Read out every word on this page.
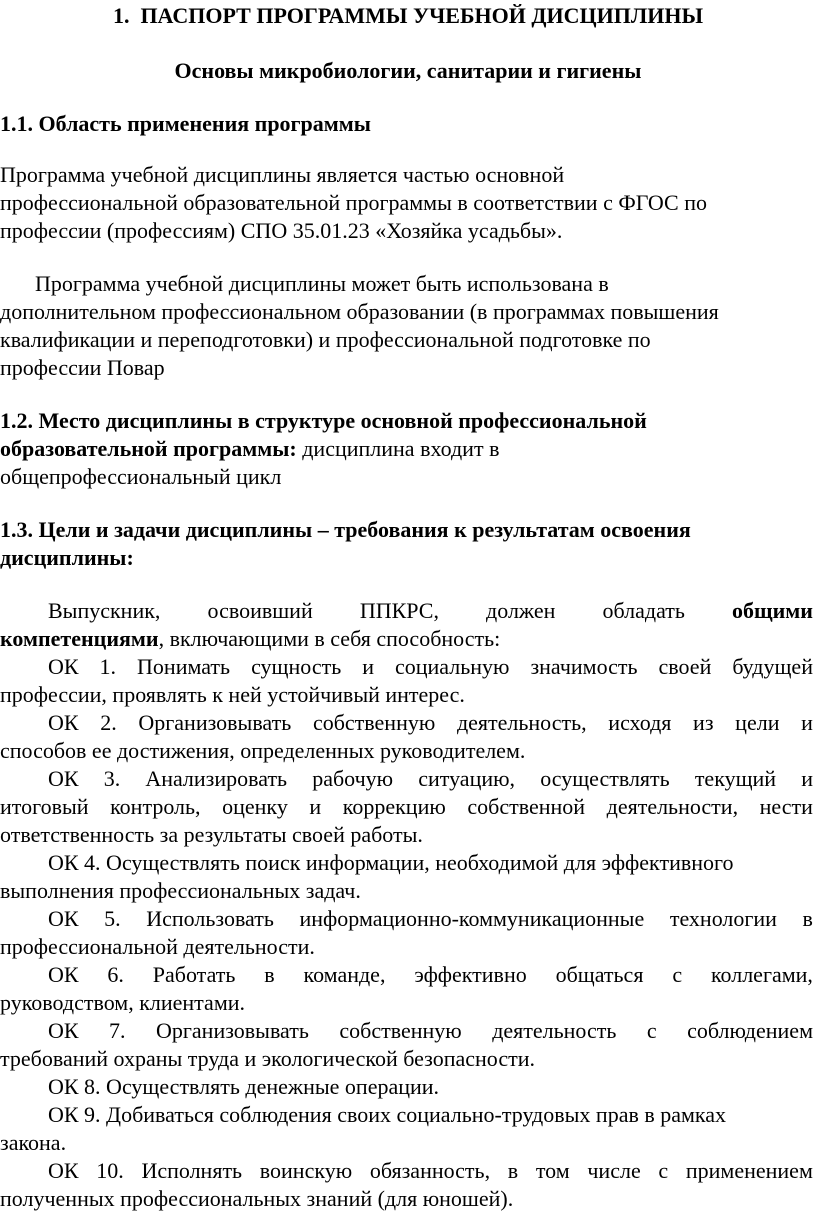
1. ПАСПОРТ ПРОГРАММЫ УЧЕБНОЙ ДИСЦИПЛИНЫ
Основы микробиологии, санитарии и гигиены
1.1. Область применения программы
Программа учебной дисциплины является частью основной
профессиональной образовательной программы в соответствии с ФГОС по
профессии (профессиям) СПО 35.01.23 «Хозяйка усадьбы».
Программа учебной дисциплины может быть использована в
дополнительном профессиональном образовании (в программах повышения
квалификации и переподготовки) и профессиональной подготовке по
профессии Повар
1.2. Место дисциплины в структуре основной профессиональной
образовательной программы: дисциплина входит в
общепрофессиональный цикл
1.3. Цели и задачи дисциплины – требования к результатам освоения
дисциплины:
Выпускник, освоивший ППКРС, должен обладать общими
компетенциями, включающими в себя способность:
ОК 1. Понимать сущность и социальную значимость своей будущей
профессии, проявлять к ней устойчивый интерес.
ОК 2. Организовывать собственную деятельность, исходя из цели и
способов ее достижения, определенных руководителем.
ОК 3. Анализировать рабочую ситуацию, осуществлять текущий и
итоговый контроль, оценку и коррекцию собственной деятельности, нести
ответственность за результаты своей работы.
ОК 4. Осуществлять поиск информации, необходимой для эффективного
выполнения профессиональных задач.
ОК 5. Использовать информационно-коммуникационные технологии в
профессиональной деятельности.
ОК 6. Работать в команде, эффективно общаться с коллегами,
руководством, клиентами.
ОК 7. Организовывать собственную деятельность с соблюдением
требований охраны труда и экологической безопасности.
ОК 8. Осуществлять денежные операции.
ОК 9. Добиваться соблюдения своих социально-трудовых прав в рамках
закона.
ОК 10. Исполнять воинскую обязанность, в том числе с применением
полученных профессиональных знаний (для юношей).
